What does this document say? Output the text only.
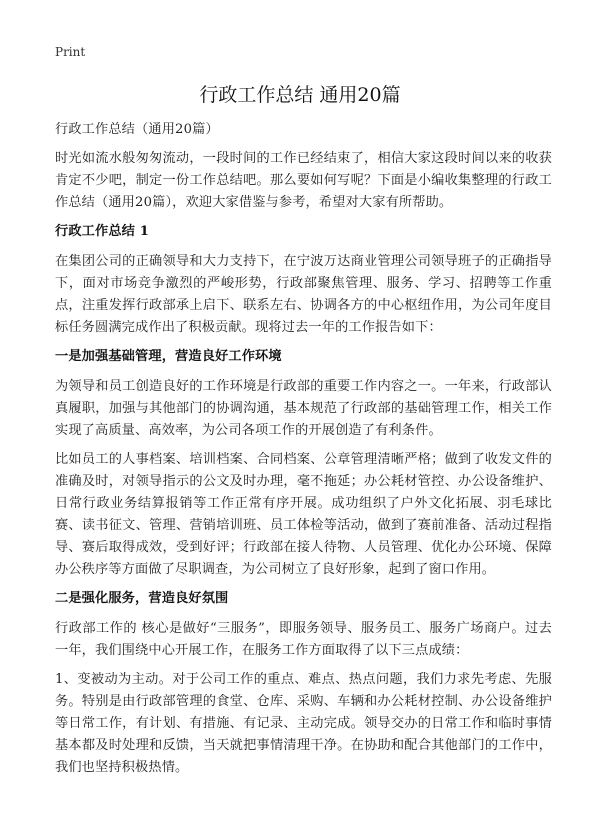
Print
行政工作总结 通用20篇

行政工作总结（通用20篇）

时光如流水般匆匆流动，一段时间的工作已经结束了，相信大家这段时间以来的收获肯定不少吧，制定一份工作总结吧。那么要如何写呢？下面是小编收集整理的行政工作总结（通用20篇），欢迎大家借鉴与参考，希望对大家有所帮助。

行政工作总结 1

在集团公司的正确领导和大力支持下，在宁波万达商业管理公司领导班子的正确指导下，面对市场竞争激烈的严峻形势，行政部聚焦管理、服务、学习、招聘等工作重点，注重发挥行政部承上启下、联系左右、协调各方的中心枢纽作用，为公司年度目标任务圆满完成作出了积极贡献。现将过去一年的工作报告如下：

一是加强基础管理，营造良好工作环境

为领导和员工创造良好的工作环境是行政部的重要工作内容之一。一年来，行政部认真履职，加强与其他部门的协调沟通，基本规范了行政部的基础管理工作，相关工作实现了高质量、高效率，为公司各项工作的开展创造了有利条件。

比如员工的人事档案、培训档案、合同档案、公章管理清晰严格；做到了收发文件的准确及时，对领导指示的公文及时办理，毫不拖延；办公耗材管控、办公设备维护、日常行政业务结算报销等工作正常有序开展。成功组织了户外文化拓展、羽毛球比赛、读书征文、管理、营销培训班、员工体检等活动，做到了赛前准备、活动过程指导、赛后取得成效，受到好评；行政部在接人待物、人员管理、优化办公环境、保障办公秩序等方面做了尽职调查，为公司树立了良好形象，起到了窗口作用。

二是强化服务，营造良好氛围

行政部工作的 核心是做好“三服务”，即服务领导、服务员工、服务广场商户。过去一年，我们围绕中心开展工作，在服务工作方面取得了以下三点成绩：

1、变被动为主动。对于公司工作的重点、难点、热点问题，我们力求先考虑、先服务。特别是由行政部管理的食堂、仓库、采购、车辆和办公耗材控制、办公设备维护等日常工作，有计划、有措施、有记录、主动完成。领导交办的日常工作和临时事情基本都及时处理和反馈，当天就把事情清理干净。在协助和配合其他部门的工作中，我们也坚持积极热情。
